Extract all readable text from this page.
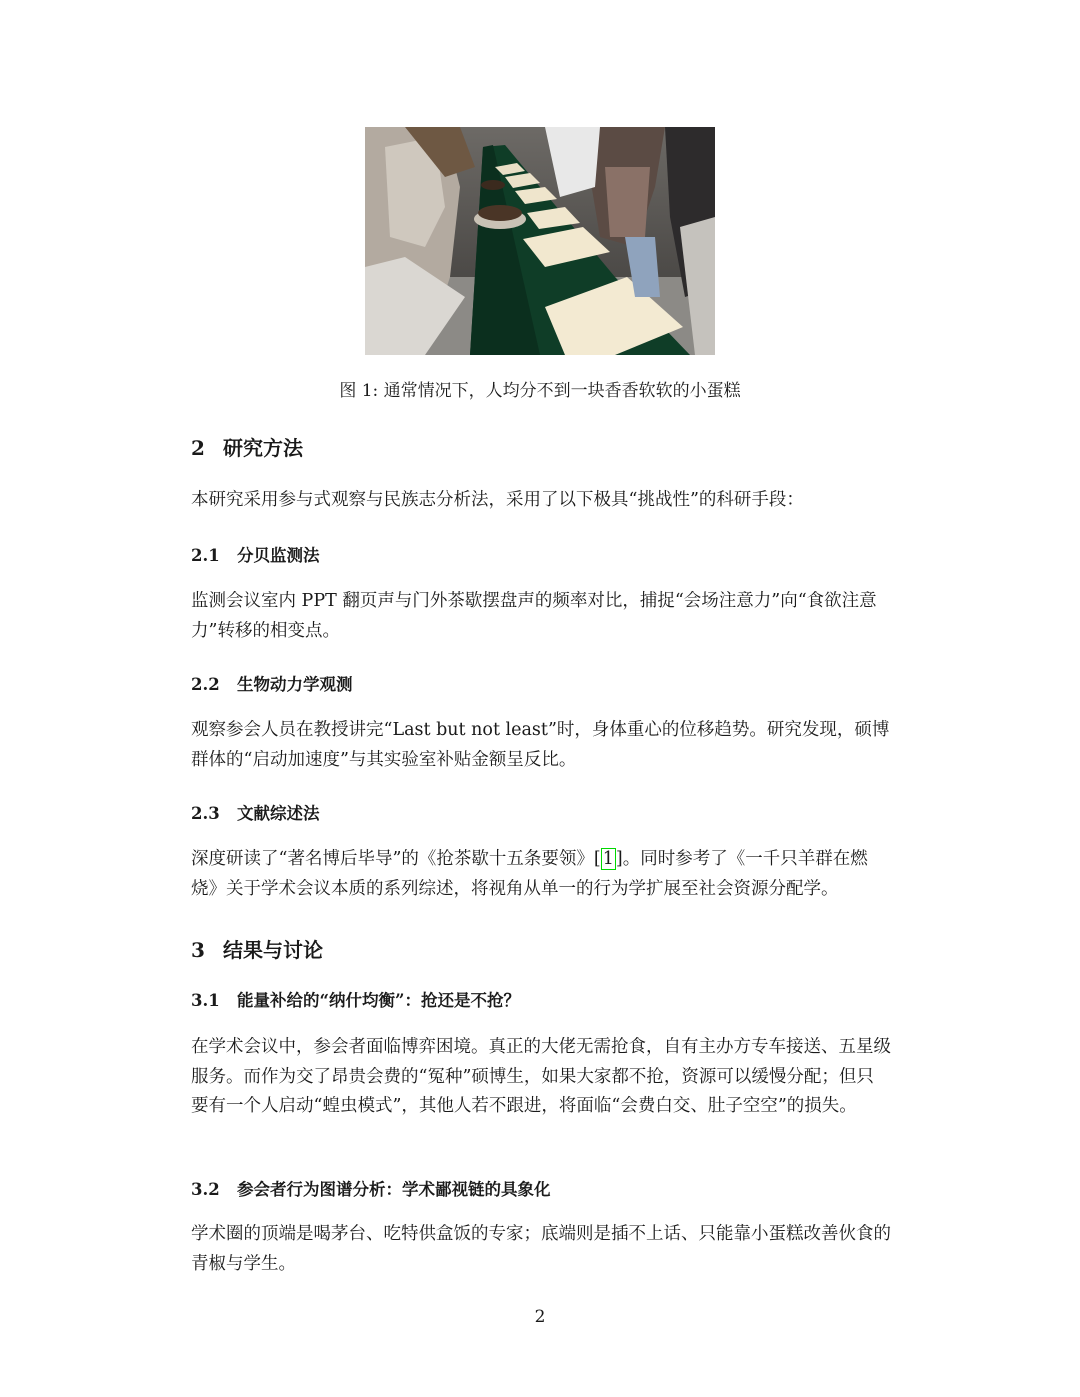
图 1: 通常情况下，人均分不到一块香香软软的小蛋糕
2 研究方法

本研究采用参与式观察与民族志分析法，采用了以下极具“挑战性”的科研手段：

2.1 分贝监测法

监测会议室内 PPT 翻页声与门外茶歇摆盘声的频率对比，捕捉“会场注意力”向“食欲注意力”转移的相变点。

2.2 生物动力学观测

观察参会人员在教授讲完“Last but not least”时，身体重心的位移趋势。研究发现，硕博群体的“启动加速度”与其实验室补贴金额呈反比。

2.3 文献综述法

深度研读了“著名博后毕导”的《抢茶歇十五条要领》[ 1 ]。同时参考了《一千只羊群在燃烧》关于学术会议本质的系列综述，将视角从单一的行为学扩展至社会资源分配学。

3 结果与讨论
3.1 能量补给的“纳什均衡”：抢还是不抢？

在学术会议中，参会者面临博弈困境。真正的大佬无需抢食，自有主办方专车接送、五星级服务。而作为交了昂贵会费的“冤种”硕博生，如果大家都不抢，资源可以缓慢分配；但只要有一个人启动“蝗虫模式”，其他人若不跟进，将面临“会费白交、肚子空空”的损失。

3.2 参会者行为图谱分析：学术鄙视链的具象化

学术圈的顶端是喝茅台、吃特供盒饭的专家；底端则是插不上话、只能靠小蛋糕改善伙食的青椒与学生。

2
